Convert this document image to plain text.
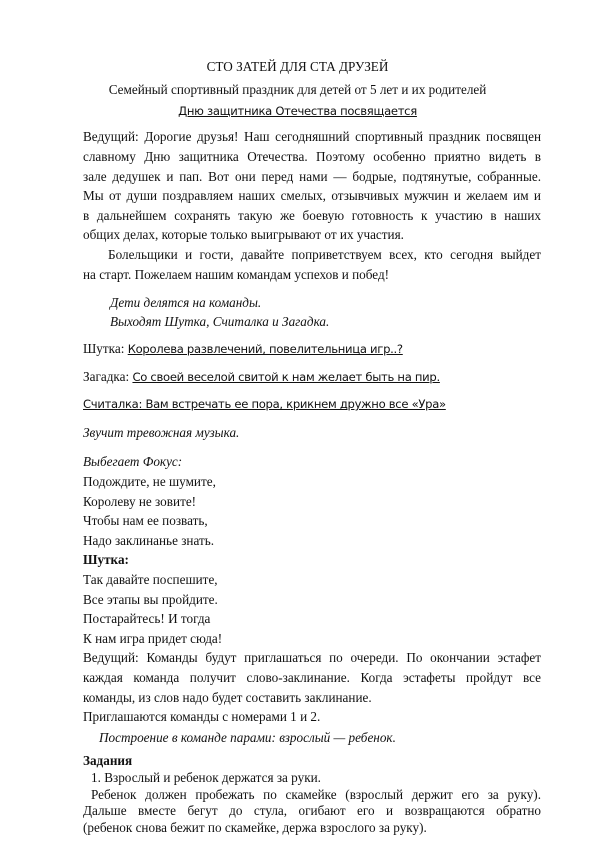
СТО ЗАТЕЙ ДЛЯ СТА ДРУЗЕЙ
Семейный спортивный праздник для детей от 5 лет и их родителей
Дню защитника Отечества посвящается
Ведущий: Дорогие друзья! Наш сегодняшний спортивный праздник посвящен
славному Дню защитника Отечества. Поэтому особенно приятно видеть в
зале дедушек и пап. Вот они перед нами — бодрые, подтянутые, собранные.
Мы от души поздравляем наших смелых, отзывчивых мужчин и желаем им и
в дальнейшем сохранять такую же боевую готовность к участию в наших
общих делах, которые только выигрывают от их участия.
Болельщики и гости, давайте поприветствуем всех, кто сегодня выйдет
на старт. Пожелаем нашим командам успехов и побед!
Дети делятся на команды.
Выходят Шутка, Считалка и Загадка.
Шутка: Королева развлечений, повелительница игр..?
Загадка: Со своей веселой свитой к нам желает быть на пир.
Считалка: Вам встречать ее пора, крикнем дружно все «Ура»
Звучит тревожная музыка.
Выбегает Фокус:
Подождите, не шумите,
Королеву не зовите!
Чтобы нам ее позвать,
Надо заклинанье знать.
Шутка:
Так давайте поспешите,
Все этапы вы пройдите.
Постарайтесь! И тогда
К нам игра придет сюда!
Ведущий: Команды будут приглашаться по очереди. По окончании эстафет
каждая команда получит слово-заклинание. Когда эстафеты пройдут все
команды, из слов надо будет составить заклинание.
Приглашаются команды с номерами 1 и 2.
Построение в команде парами: взрослый — ребенок.
Задания
1. Взрослый и ребенок держатся за руки.
Ребенок должен пробежать по скамейке (взрослый держит его за руку).
Дальше вместе бегут до стула, огибают его и возвращаются обратно
(ребенок снова бежит по скамейке, держа взрослого за руку).
